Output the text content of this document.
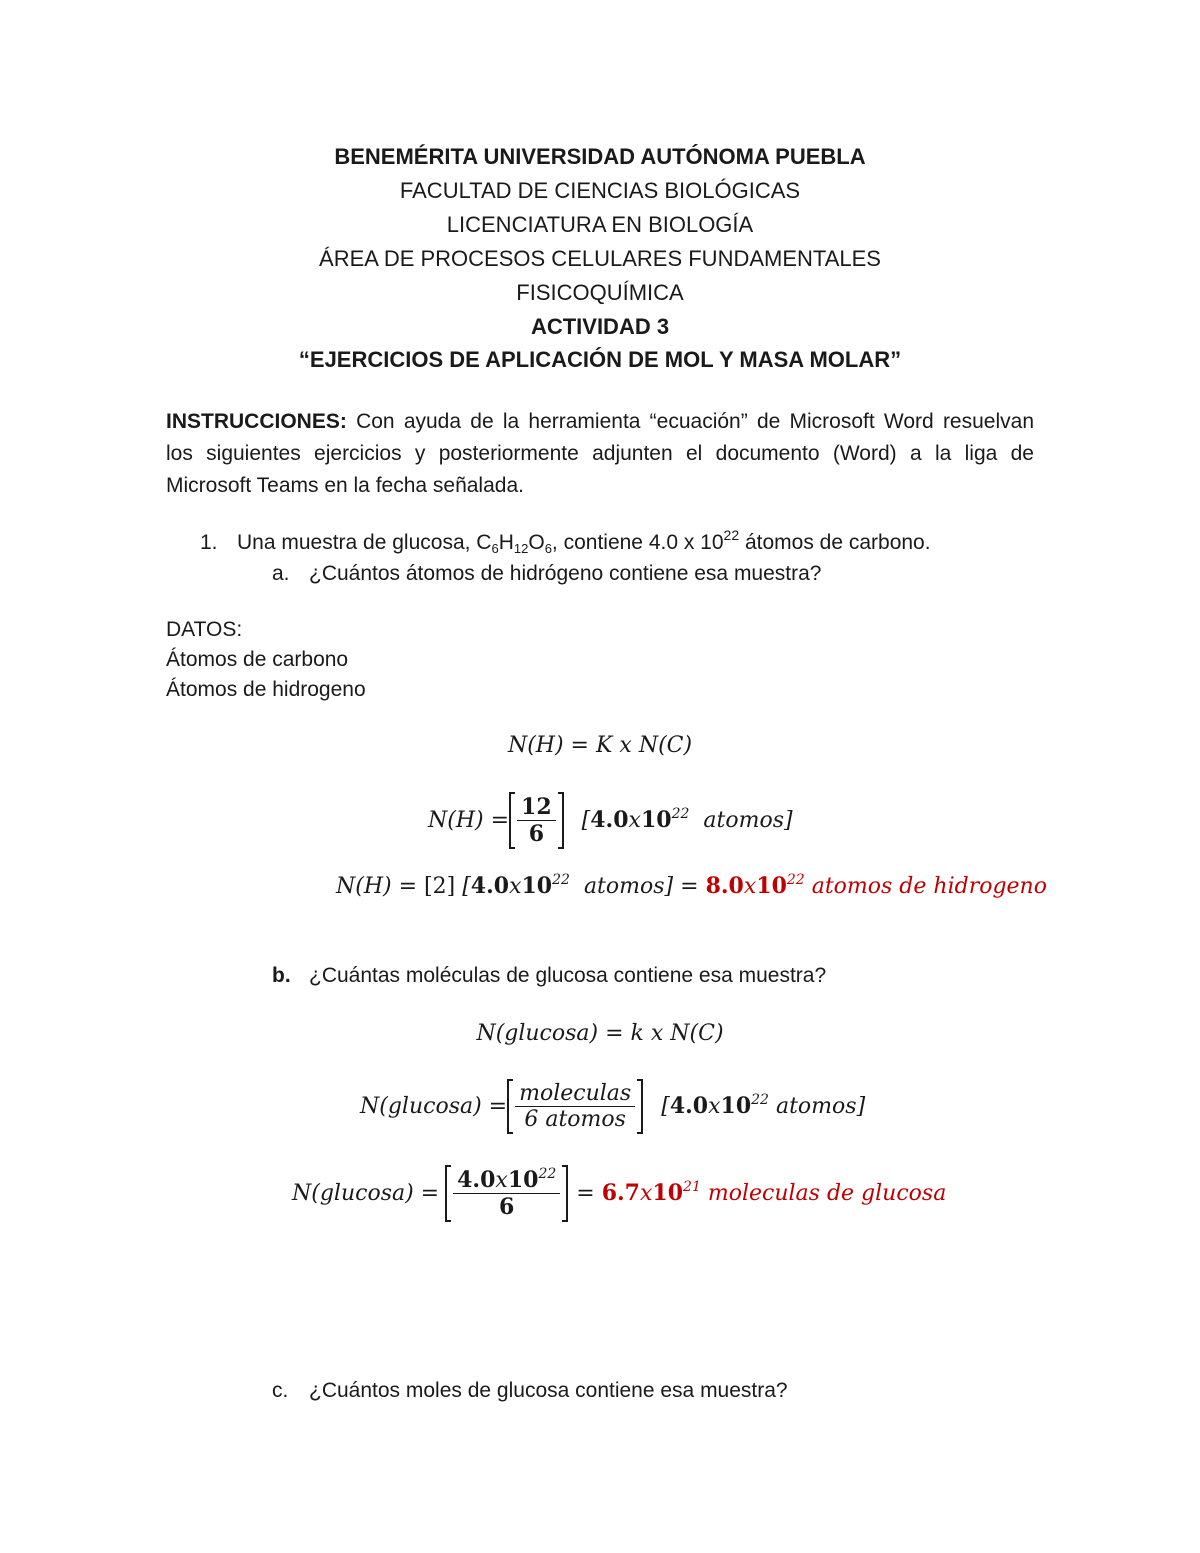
BENEMÉRITA UNIVERSIDAD AUTÓNOMA PUEBLA
FACULTAD DE CIENCIAS BIOLÓGICAS
LICENCIATURA EN BIOLOGÍA
ÁREA DE PROCESOS CELULARES FUNDAMENTALES
FISICOQUÍMICA
ACTIVIDAD 3
“EJERCICIOS DE APLICACIÓN DE MOL Y MASA MOLAR”
INSTRUCCIONES: Con ayuda de la herramienta “ecuación” de Microsoft Word resuelvan
los siguientes ejercicios y posteriormente adjunten el documento (Word) a la liga de
Microsoft Teams en la fecha señalada.
1. Una muestra de glucosa, $C_6H_{12}O_6$, contiene 4.0 x $10^{22}$ átomos de carbono.
a. ¿Cuántos átomos de hidrógeno contiene esa muestra?
DATOS:
Átomos de carbono
Átomos de hidrogeno
N(H) = K x N(C)
$N(H) = \frac{12}{6} [4.0x10^{22}$ atomos]
N(H) = [2] [$4.0x10^{22}$ atomos] = $8.0x10^{22}$ atomos de hidrogeno
b. ¿Cuántas moléculas de glucosa contiene esa muestra?
N(glucosa) = k x N(C)
$N(glucosa) = \frac{\text{moleculas}}{\text{6 atomos}} [4.0x10^{22}$ atomos]
$N(glucosa) = \frac{4.0x10^{22}}{6} = 6.7x10^{21}$ moleculas de glucosa
c. ¿Cuántos moles de glucosa contiene esa muestra?
